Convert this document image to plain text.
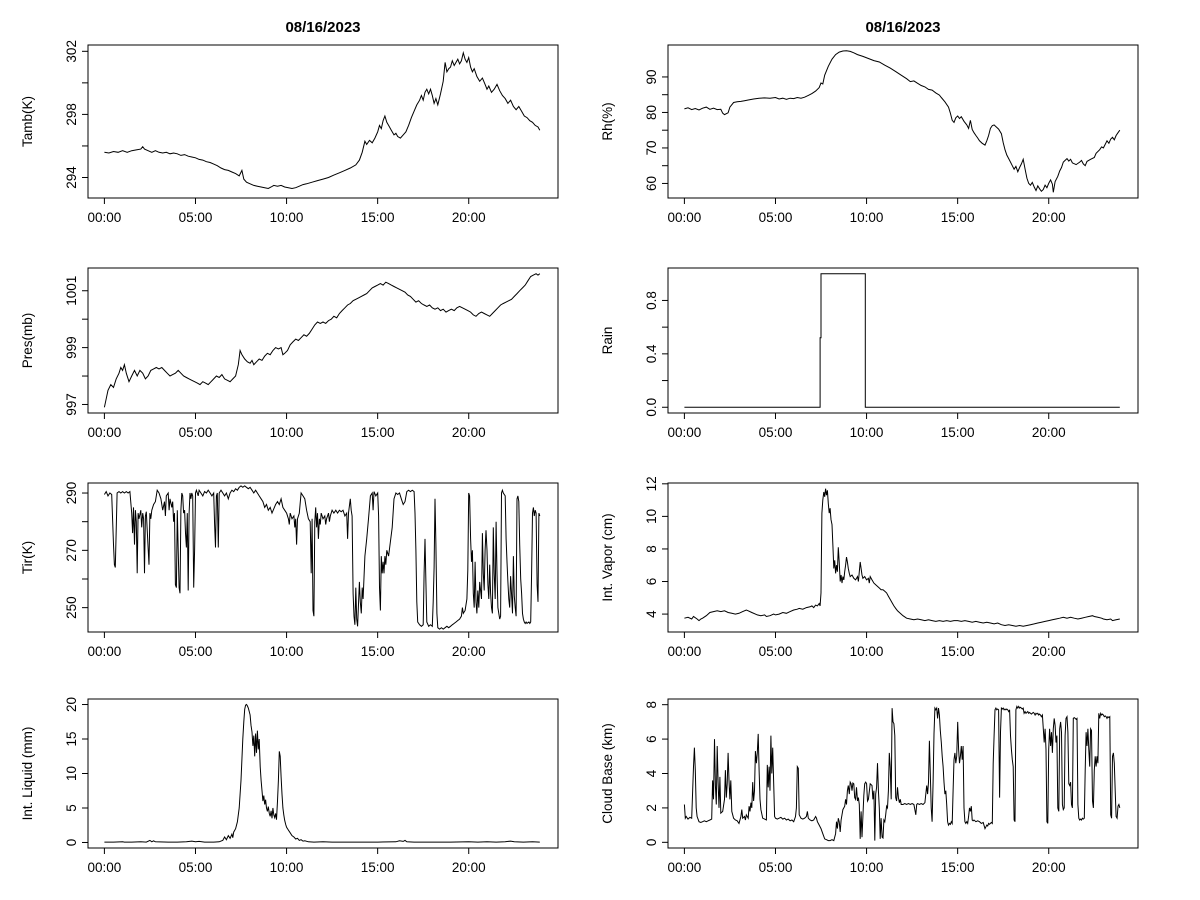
00:00	05:00	10:00	15:00	20:00
294
298
302
Tamb(K)
08/16/2023
00:00	05:00	10:00	15:00	20:00
60
70
80
90
Rh(%)
08/16/2023
00:00	05:00	10:00	15:00	20:00
997
999
1001
Pres(mb)
00:00	05:00	10:00	15:00	20:00
0.0
0.4
0.8
Rain
00:00	05:00	10:00	15:00	20:00
250
270
290
Tir(K)
00:00	05:00	10:00	15:00	20:00
4
6
8
10
12
Int. Vapor (cm)
00:00	05:00	10:00	15:00	20:00
0
5
10
15
20
Int. Liquid (mm)
00:00	05:00	10:00	15:00	20:00
0
2
4
6
8
Cloud Base (km)
